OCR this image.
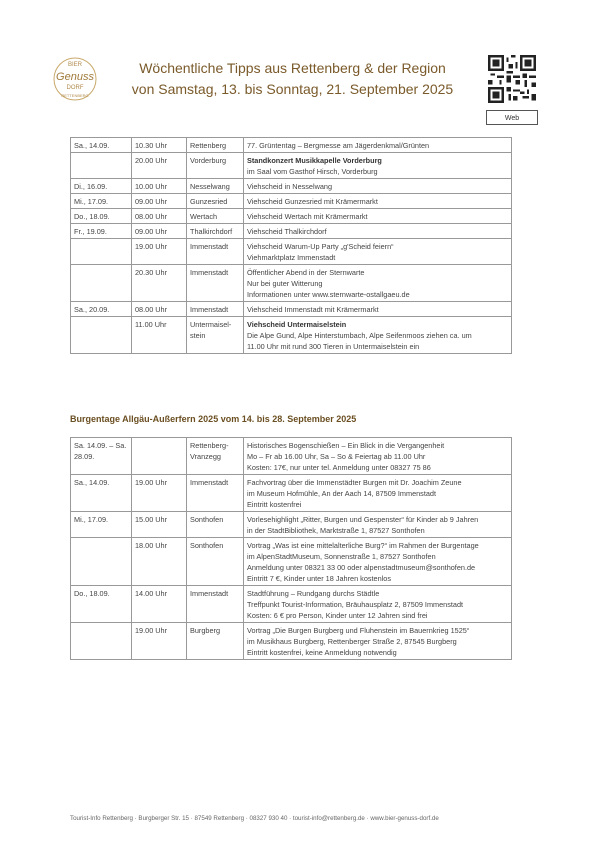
BIER
Genuss
DORF
RETTENBERG
Wöchentliche Tipps aus Rettenberg & der Region
von Samstag, 13. bis Sonntag, 21. September 2025
Web
Sa., 14.09.	10.30 Uhr	Rettenberg	77. Grüntentag – Bergmesse am Jägerdenkmal/Grünten

	20.00 Uhr	Vorderburg	Standkonzert Musikkapelle Vorderburg
im Saal vom Gasthof Hirsch, Vorderburg

Di., 16.09.	10.00 Uhr	Nesselwang	Viehscheid in Nesselwang

Mi., 17.09.	09.00 Uhr	Gunzesried	Viehscheid Gunzesried mit Krämermarkt

Do., 18.09.	08.00 Uhr	Wertach	Viehscheid Wertach mit Krämermarkt

Fr., 19.09.	09.00 Uhr	Thalkirchdorf	Viehscheid Thalkirchdorf

	19.00 Uhr	Immenstadt	Viehscheid Warum-Up Party „g'Scheid feiern“
Viehmarktplatz Immenstadt

	20.30 Uhr	Immenstadt	Öffentlicher Abend in der Sternwarte
Nur bei guter Witterung
Informationen unter www.sternwarte-ostallgaeu.de

Sa., 20.09.	08.00 Uhr	Immenstadt	Viehscheid Immenstadt mit Krämermarkt

	11.00 Uhr	Untermaisel-stein	Viehscheid Untermaiselstein
Die Alpe Gund, Alpe Hinterstumbach, Alpe Seifenmoos ziehen ca. um
11.00 Uhr mit rund 300 Tieren in Untermaiselstein ein
Burgentage Allgäu-Außerfern 2025 vom 14. bis 28. September 2025
Sa. 14.09. – Sa. 28.09.		Rettenberg-Vranzegg	Historisches Bogenschießen – Ein Blick in die Vergangenheit
Mo – Fr ab 16.00 Uhr, Sa – So & Feiertag ab 11.00 Uhr
Kosten: 17€, nur unter tel. Anmeldung unter 08327 75 86

Sa., 14.09.	19.00 Uhr	Immenstadt	Fachvortrag über die Immenstädter Burgen mit Dr. Joachim Zeune
im Museum Hofmühle, An der Aach 14, 87509 Immenstadt
Eintritt kostenfrei

Mi., 17.09.	15.00 Uhr	Sonthofen	Vorlesehighlight „Ritter, Burgen und Gespenster“ für Kinder ab 9 Jahren
in der StadtBibliothek, Marktstraße 1, 87527 Sonthofen

	18.00 Uhr	Sonthofen	Vortrag „Was ist eine mittelalterliche Burg?“ im Rahmen der Burgentage
im AlpenStadtMuseum, Sonnenstraße 1, 87527 Sonthofen
Anmeldung unter 08321 33 00 oder alpenstadtmuseum@sonthofen.de
Eintritt 7 €, Kinder unter 18 Jahren kostenlos

Do., 18.09.	14.00 Uhr	Immenstadt	Stadtführung – Rundgang durchs Städtle
Treffpunkt Tourist-Information, Bräuhausplatz 2, 87509 Immenstadt
Kosten: 6 € pro Person, Kinder unter 12 Jahren sind frei

	19.00 Uhr	Burgberg	Vortrag „Die Burgen Burgberg und Fluhenstein im Bauernkrieg 1525“
im Musikhaus Burgberg, Rettenberger Straße 2, 87545 Burgberg
Eintritt kostenfrei, keine Anmeldung notwendig
Tourist-Info Rettenberg · Burgberger Str. 15 · 87549 Rettenberg · 08327 930 40 · tourist-info@rettenberg.de · www.bier-genuss-dorf.de
